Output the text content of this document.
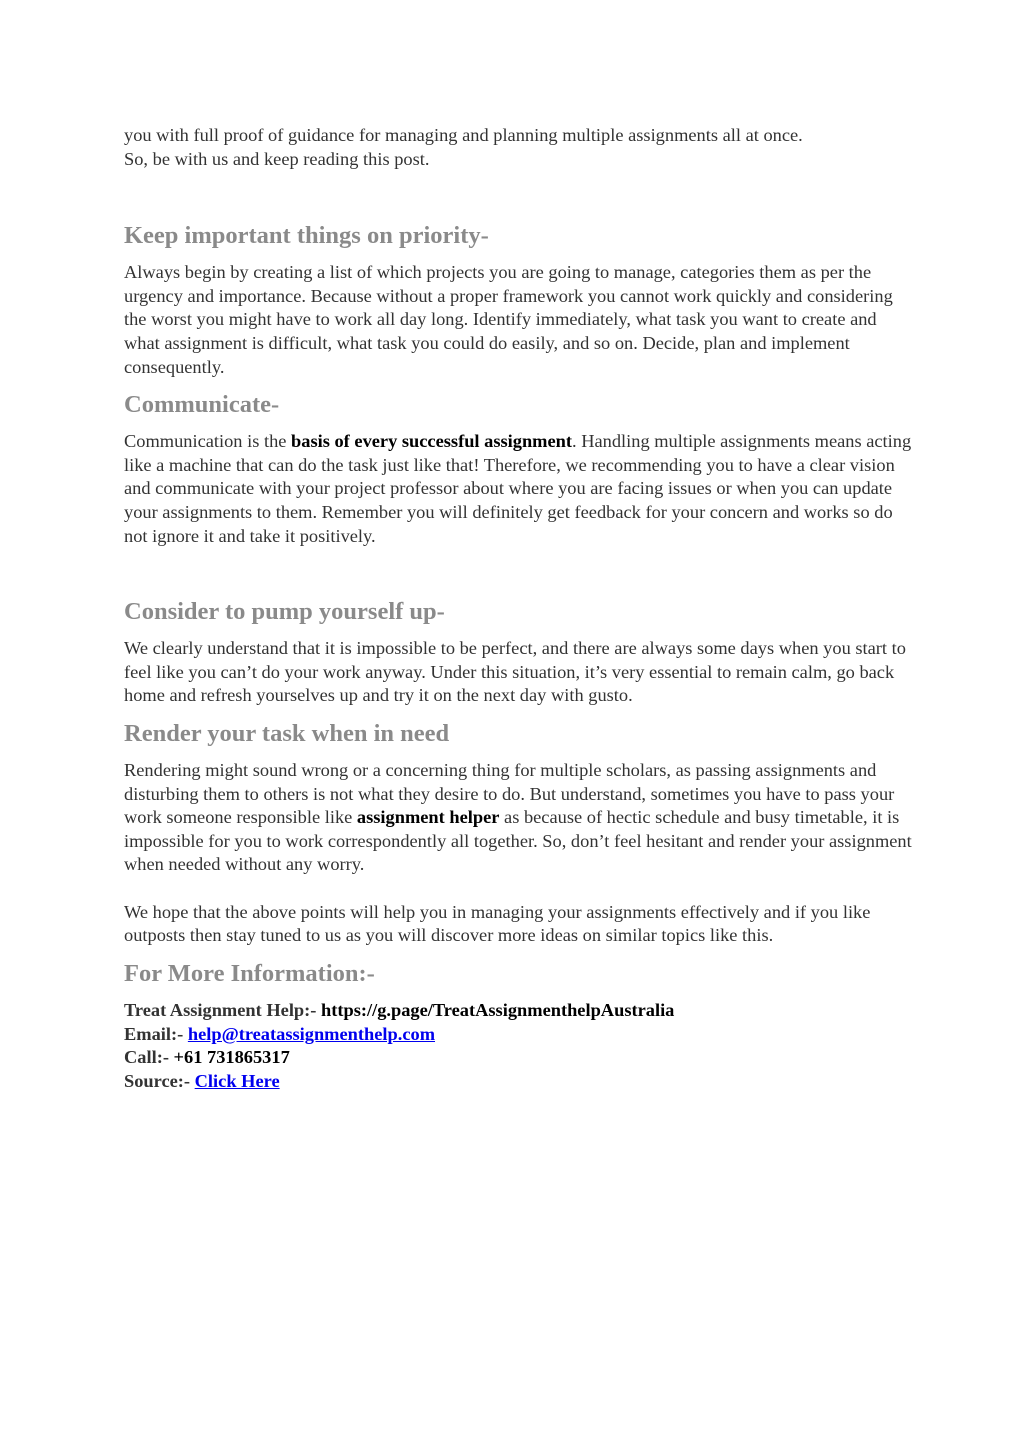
you with full proof of guidance for managing and planning multiple assignments all at once.
So, be with us and keep reading this post.

Keep important things on priority-

Always begin by creating a list of which projects you are going to manage, categories them as per the urgency and importance. Because without a proper framework you cannot work quickly and considering the worst you might have to work all day long. Identify immediately, what task you want to create and what assignment is difficult, what task you could do easily, and so on. Decide, plan and implement consequently.

Communicate-

Communication is the basis of every successful assignment. Handling multiple assignments means acting like a machine that can do the task just like that! Therefore, we recommending you to have a clear vision and communicate with your project professor about where you are facing issues or when you can update your assignments to them. Remember you will definitely get feedback for your concern and works so do not ignore it and take it positively.

Consider to pump yourself up-

We clearly understand that it is impossible to be perfect, and there are always some days when you start to feel like you can’t do your work anyway. Under this situation, it’s very essential to remain calm, go back home and refresh yourselves up and try it on the next day with gusto.

Render your task when in need

Rendering might sound wrong or a concerning thing for multiple scholars, as passing assignments and disturbing them to others is not what they desire to do. But understand, sometimes you have to pass your work someone responsible like assignment helper as because of hectic schedule and busy timetable, it is impossible for you to work correspondently all together. So, don’t feel hesitant and render your assignment when needed without any worry.

We hope that the above points will help you in managing your assignments effectively and if you like outposts then stay tuned to us as you will discover more ideas on similar topics like this.

For More Information:-
Treat Assignment Help:- https://g.page/TreatAssignmenthelpAustralia
Email:- help@treatassignmenthelp.com
Call:- +61 731865317
Source:- Click Here
